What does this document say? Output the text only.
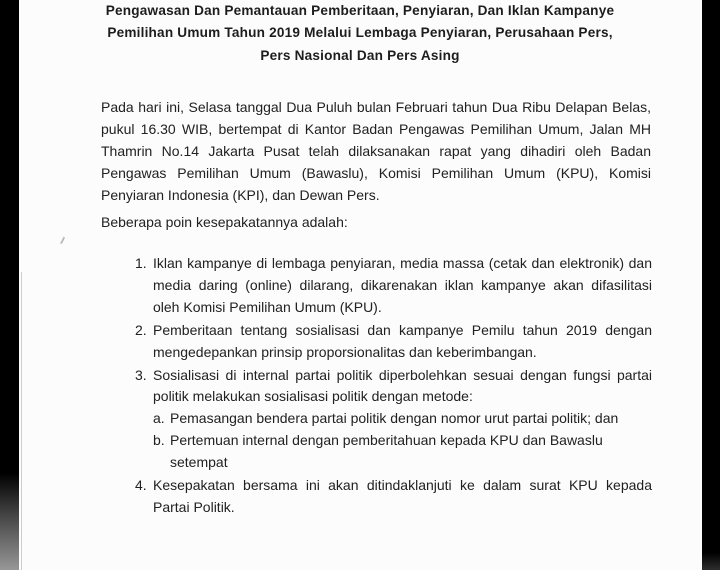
Pengawasan Dan Pemantauan Pemberitaan, Penyiaran, Dan Iklan Kampanye
Pemilihan Umum Tahun 2019 Melalui Lembaga Penyiaran, Perusahaan Pers,
Pers Nasional Dan Pers Asing

Pada hari ini, Selasa tanggal Dua Puluh bulan Februari tahun Dua Ribu Delapan Belas, pukul 16.30 WIB, bertempat di Kantor Badan Pengawas Pemilihan Umum, Jalan MH Thamrin No.14 Jakarta Pusat telah dilaksanakan rapat yang dihadiri oleh Badan Pengawas Pemilihan Umum (Bawaslu), Komisi Pemilihan Umum (KPU), Komisi Penyiaran Indonesia (KPI), dan Dewan Pers.

Beberapa poin kesepakatannya adalah:

1. Iklan kampanye di lembaga penyiaran, media massa (cetak dan elektronik) dan media daring (online) dilarang, dikarenakan iklan kampanye akan difasilitasi oleh Komisi Pemilihan Umum (KPU).
2. Pemberitaan tentang sosialisasi dan kampanye Pemilu tahun 2019 dengan mengedepankan prinsip proporsionalitas dan keberimbangan.
3. Sosialisasi di internal partai politik diperbolehkan sesuai dengan fungsi partai politik melakukan sosialisasi politik dengan metode:
a. Pemasangan bendera partai politik dengan nomor urut partai politik; dan
b. Pertemuan internal dengan pemberitahuan kepada KPU dan Bawaslu setempat
4. Kesepakatan bersama ini akan ditindaklanjuti ke dalam surat KPU kepada Partai Politik.
